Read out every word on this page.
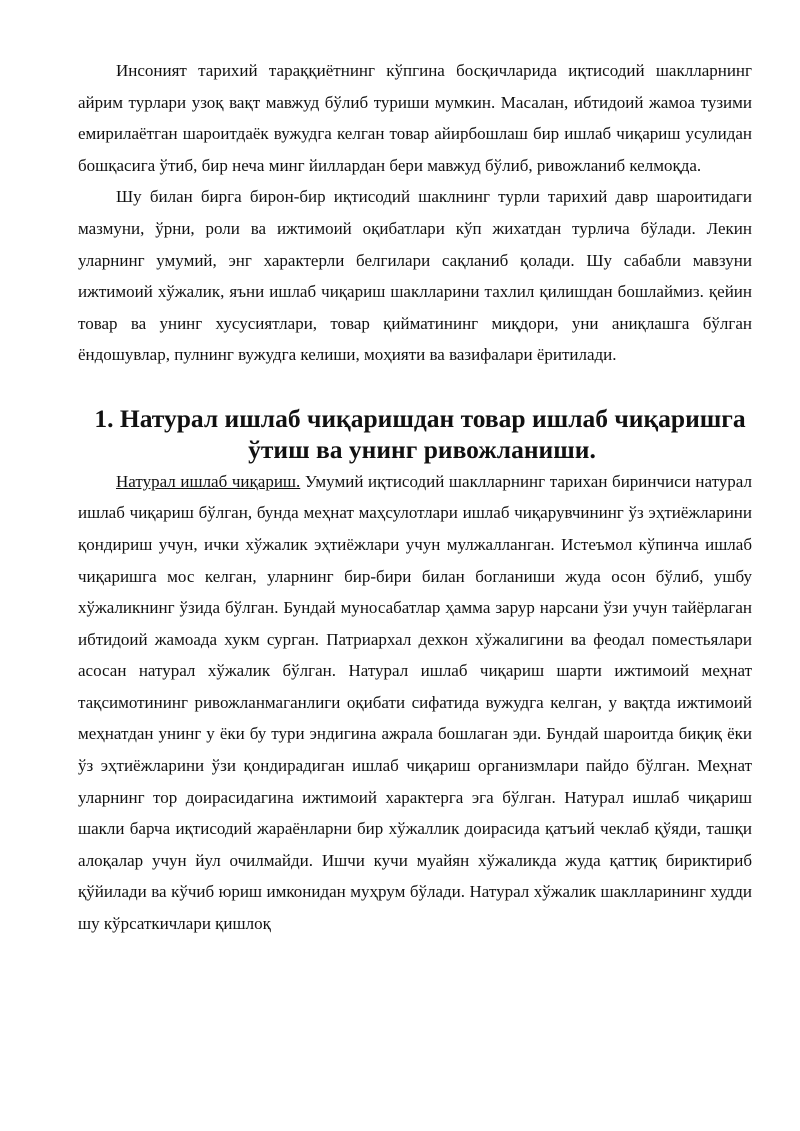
Инсоният тарихий тараққиётнинг кўпгина босқичларида иқтисодий шаклларнинг айрим турлари узоқ вақт мавжуд бўлиб туриши мумкин. Масалан, ибтидоий жамоа тузими емирилаётган шароитдаёк вужудга келган товар айирбошлаш бир ишлаб чиқариш усулидан бошқасига ўтиб, бир неча минг йиллардан бери мавжуд бўлиб, ривожланиб келмоқда.

Шу билан бирга бирон-бир иқтисодий шаклнинг турли тарихий давр шароитидаги мазмуни, ўрни, роли ва ижтимоий оқибатлари кўп жихатдан турлича бўлади. Лекин уларнинг умумий, энг характерли белгилари сақланиб қолади. Шу сабабли мавзуни ижтимоий хўжалик, яъни ишлаб чиқариш шаклларини тахлил қилишдан бошлаймиз. қейин товар ва унинг хусусиятлари, товар қийматининг миқдори, уни аниқлашга бўлган ёндошувлар, пулнинг вужудга келиши, моҳияти ва вазифалари ёритилади.

1. Натурал ишлаб чиқаришдан товар ишлаб чиқаришга
ўтиш ва унинг ривожланиши.

Натурал ишлаб чиқариш. Умумий иқтисодий шаклларнинг тарихан биринчиси натурал ишлаб чиқариш бўлган, бунда меҳнат маҳсулотлари ишлаб чиқарувчининг ўз эҳтиёжларини қондириш учун, ички хўжалик эҳтиёжлари учун мулжалланган. Истеъмол кўпинча ишлаб чиқаришга мос келган, уларнинг бир-бири билан богланиши жуда осон бўлиб, ушбу хўжаликнинг ўзида бўлган. Бундай муносабатлар ҳамма зарур нарсани ўзи учун тайёрлаган ибтидоий жамоада хукм сурган. Патриархал дехкон хўжалигини ва феодал поместьялари асосан натурал хўжалик бўлган. Натурал ишлаб чиқариш шарти ижтимоий меҳнат тақсимотининг ривожланмаганлиги оқибати сифатида вужудга келган, у вақтда ижтимоий меҳнатдан унинг у ёки бу тури эндигина ажрала бошлаган эди. Бундай шароитда биқиқ ёки ўз эҳтиёжларини ўзи қондирадиган ишлаб чиқариш организмлари пайдо бўлган. Меҳнат уларнинг тор доирасидагина ижтимоий характерга эга бўлган. Натурал ишлаб чиқариш шакли барча иқтисодий жараёнларни бир хўжаллик доирасида қатъий чеклаб қўяди, ташқи алоқалар учун йул очилмайди. Ишчи кучи муайян хўжаликда жуда қаттиқ бириктириб қўйилади ва кўчиб юриш имконидан муҳрум бўлади. Натурал хўжалик шаклларининг худди шу кўрсаткичлари қишлоқ
